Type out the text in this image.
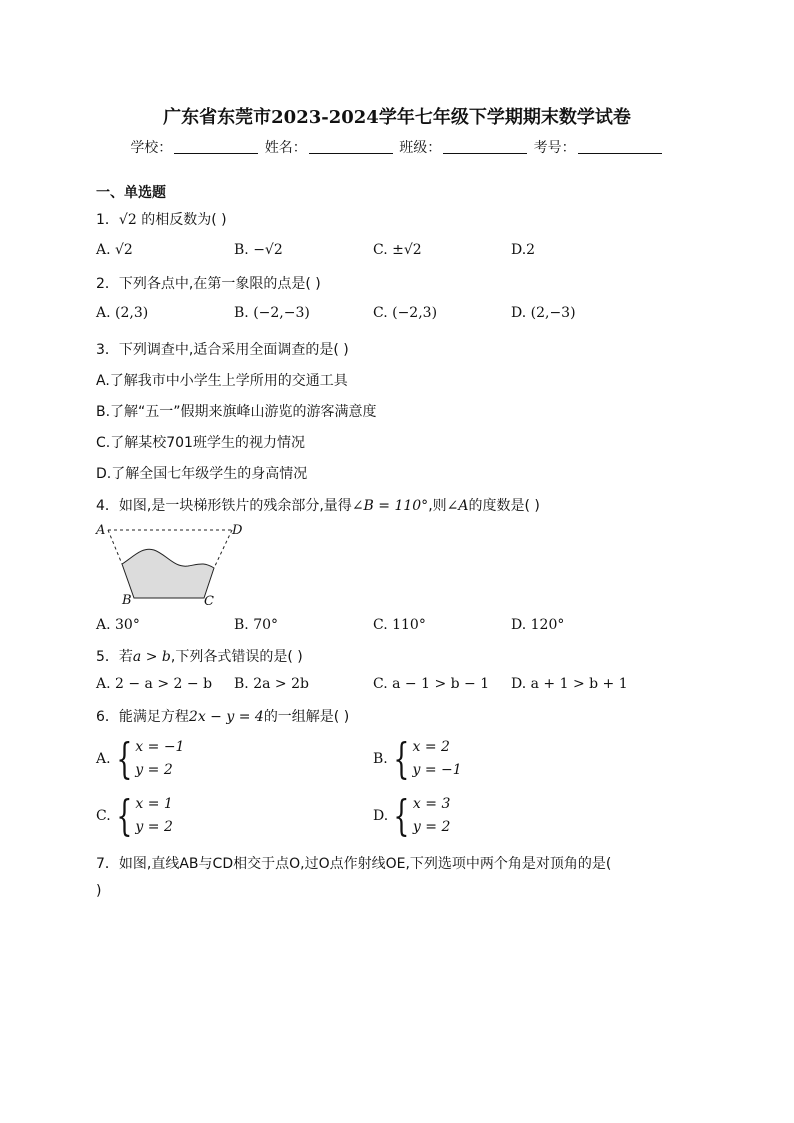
广东省东莞市2023-2024学年七年级下学期期末数学试卷
学校：	姓名：	班级：	考号：
一、单选题
1．√2 的相反数为( )
A. √2	B. −√2	C. ±√2	D.2
2．下列各点中,在第一象限的点是( )
A. (2,3)	B. (−2,−3)	C. (−2,3)	D. (2,−3)
3．下列调查中,适合采用全面调查的是( )
A.了解我市中小学生上学所用的交通工具
B.了解“五一”假期来旗峰山游览的游客满意度
C.了解某校701班学生的视力情况
D.了解全国七年级学生的身高情况
4．如图,是一块梯形铁片的残余部分,量得∠B = 110°,则∠A的度数是( )
A	D
B	C
A. 30°	B. 70°	C. 110°	D. 120°
5．若a > b,下列各式错误的是( )
A. 2 − a > 2 − b B. 2a > 2b	C. a − 1 > b − 1 D. a + 1 > b + 1
6．能满足方程2x − y = 4的一组解是( )
A. { x = −1
y = 2
B. { x = 2
y = −1
C. { x = 1
y = 2
D. { x = 3
y = 2
7．如图,直线AB与CD相交于点O,过O点作射线OE,下列选项中两个角是对顶角的是(
)
